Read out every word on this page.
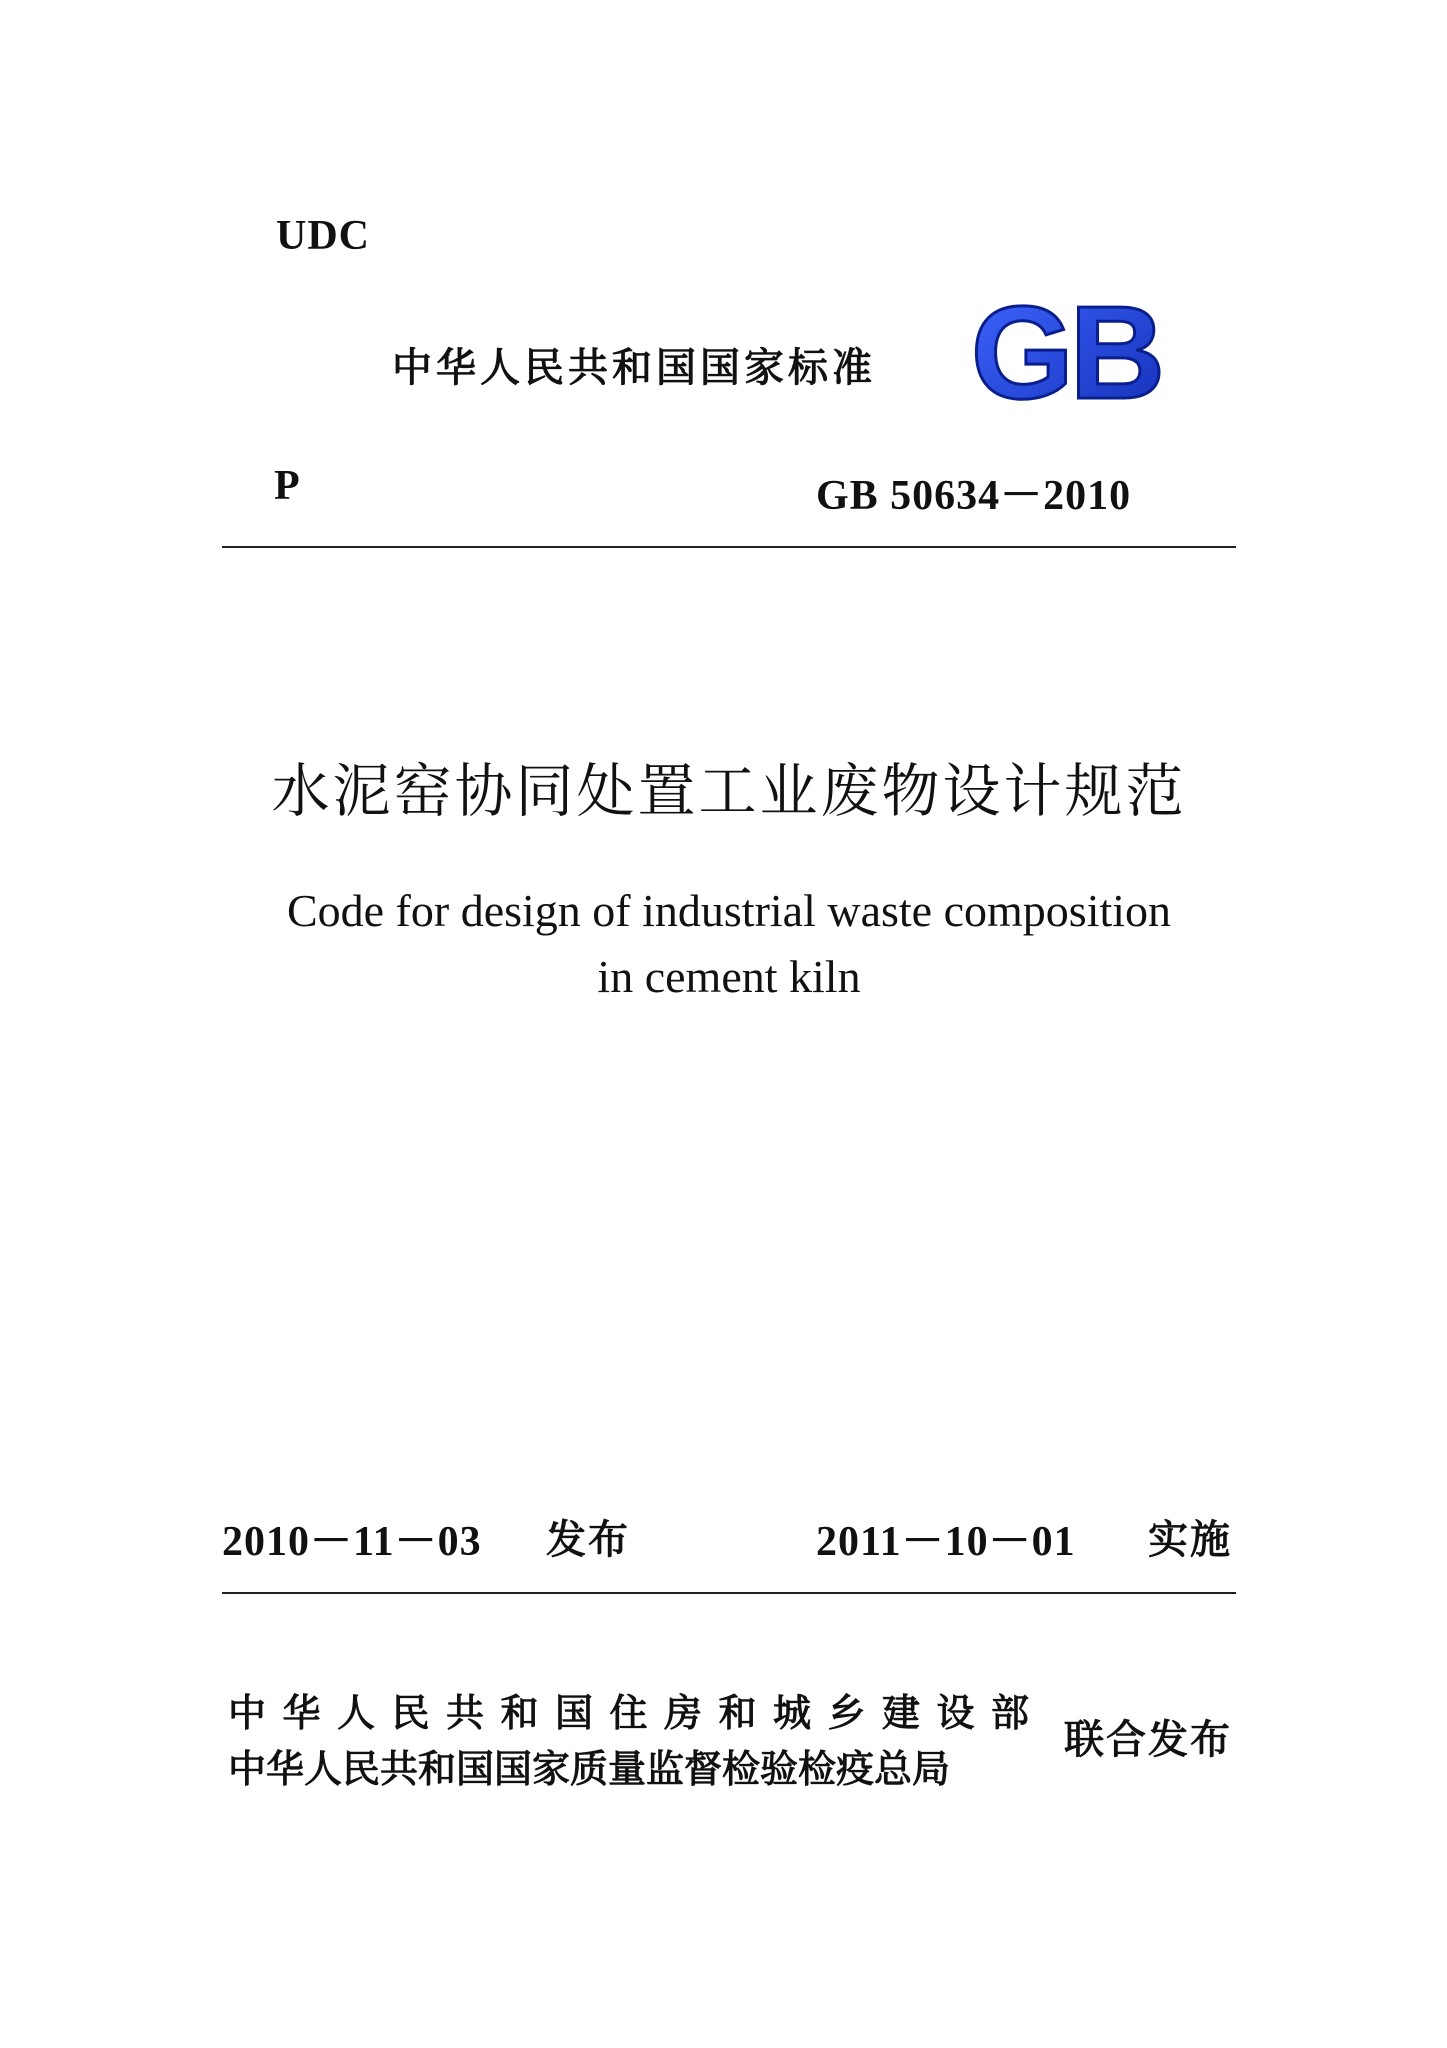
UDC
中华人民共和国国家标准 GB
P	GB 50634－2010
水泥窑协同处置工业废物设计规范
Code for design of industrial waste composition
in cement kiln
2010－11－03 发布	2011－10－01 实施
中华人民共和国住房和城乡建设部
中华人民共和国国家质量监督检验检疫总局
联合发布
